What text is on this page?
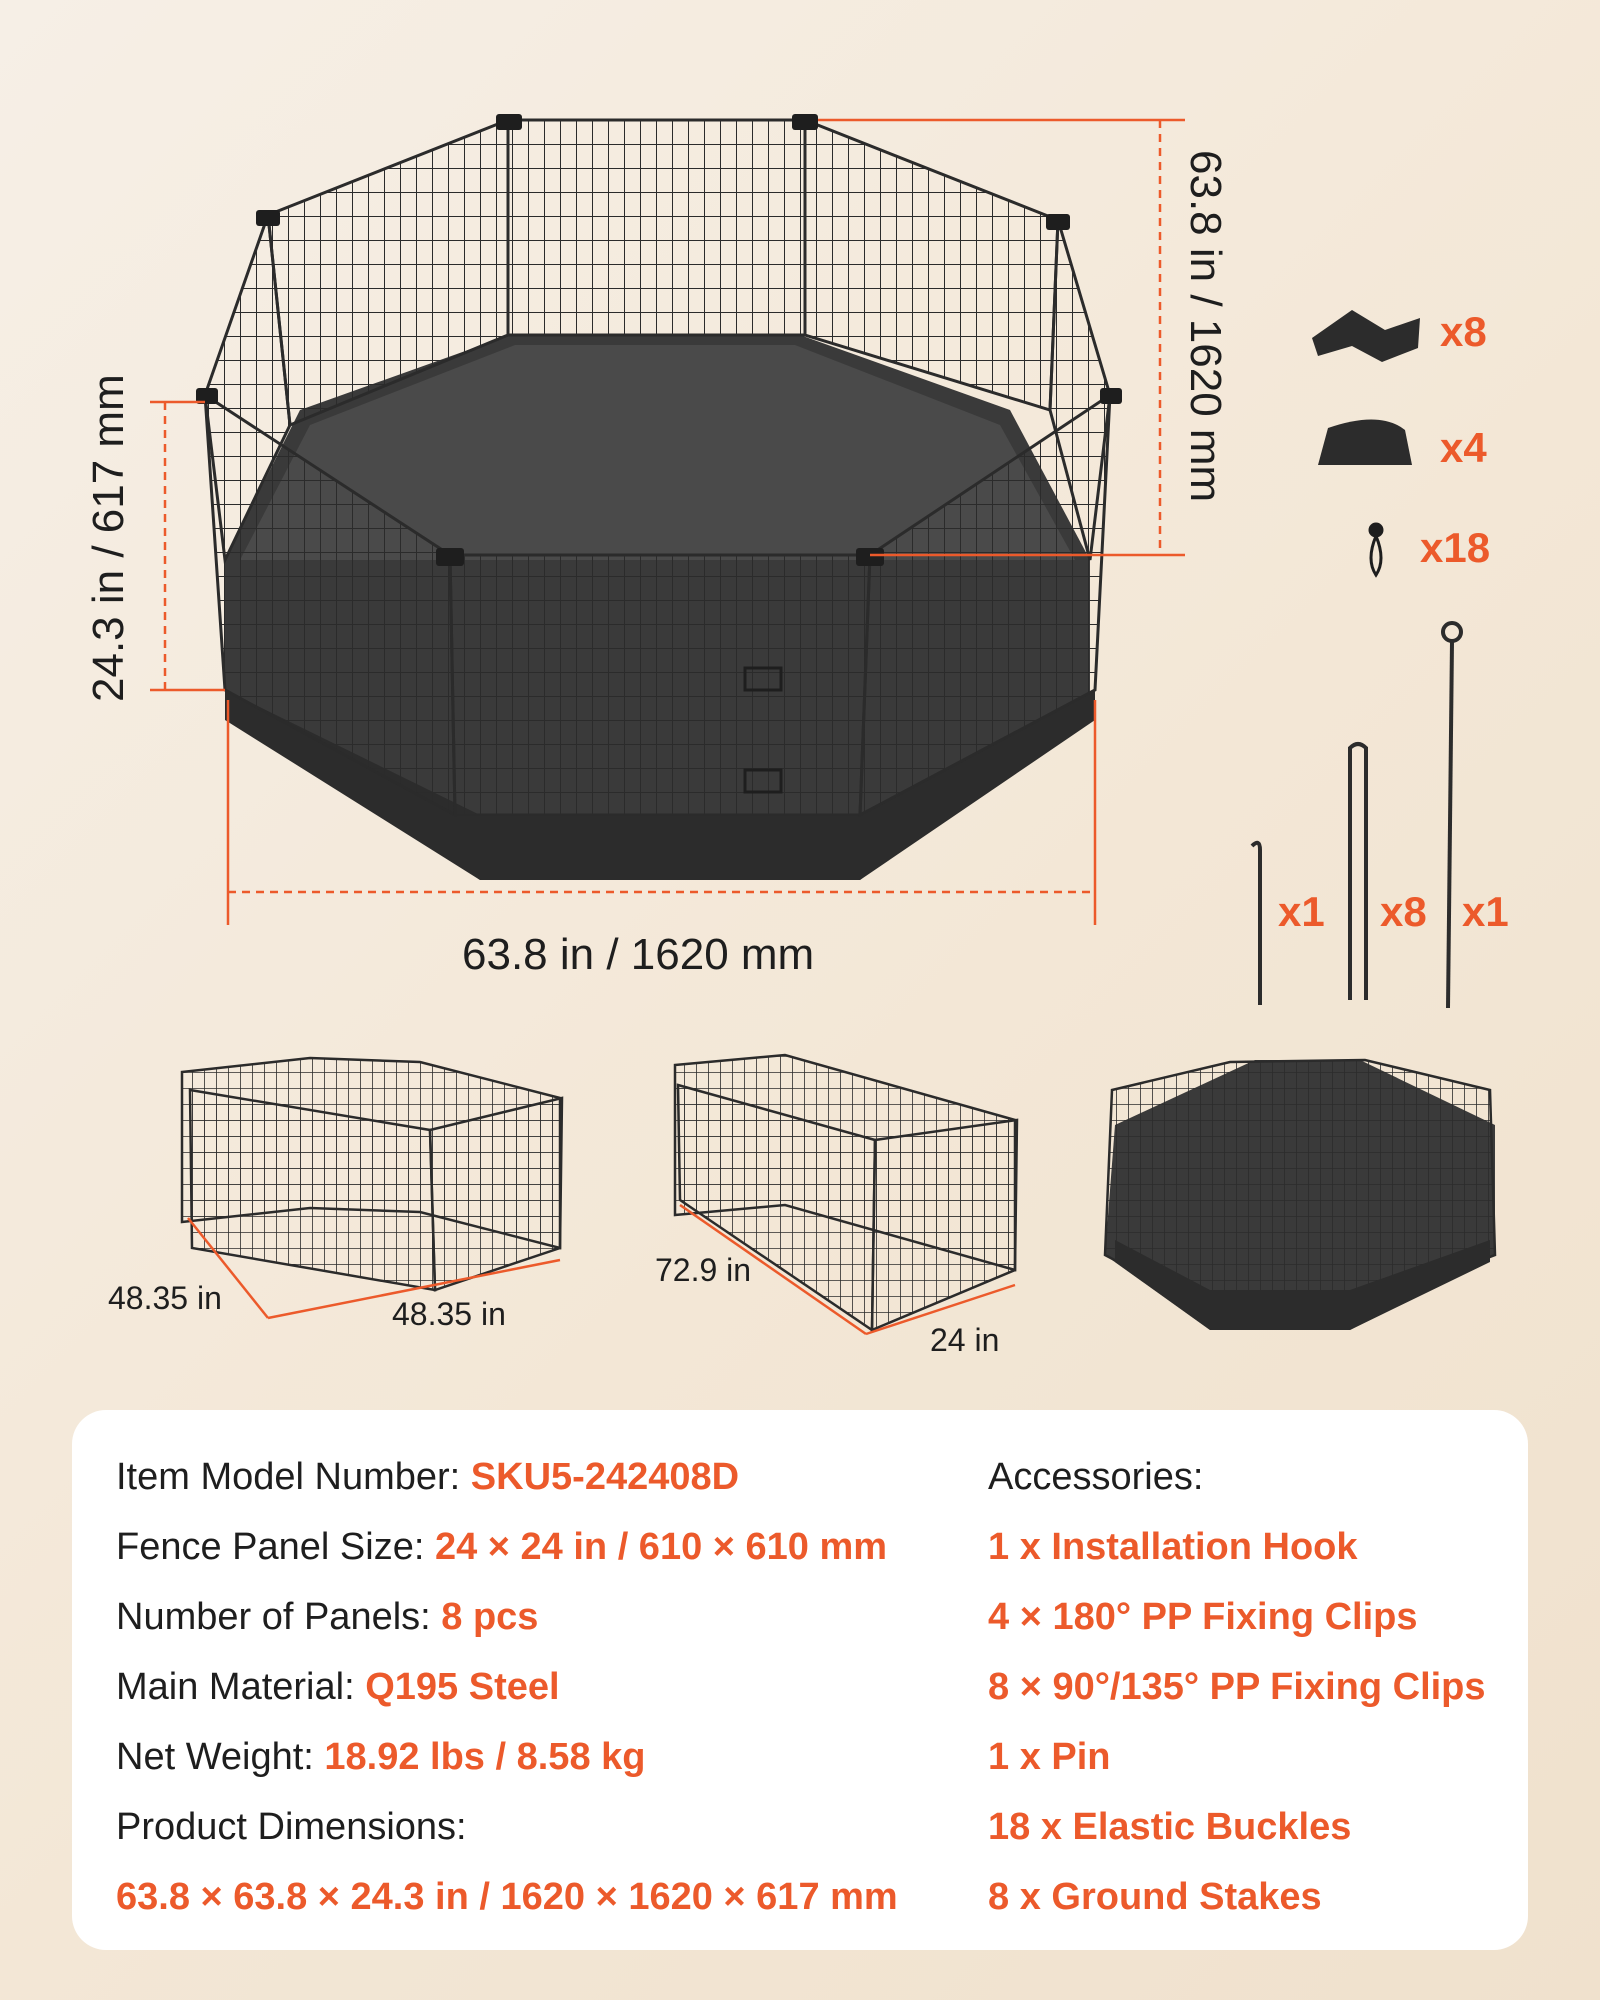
24.3 in / 617 mm
63.8 in / 1620 mm
63.8 in / 1620 mm
x8
x4
x18
x1 x8 x1
48.35 in	48.35 in
72.9 in
24 in
Item Model Number: SKU5-242408D
Fence Panel Size: 24 × 24 in / 610 × 610 mm
Number of Panels: 8 pcs
Main Material: Q195 Steel
Net Weight: 18.92 lbs / 8.58 kg
Product Dimensions:
63.8 × 63.8 × 24.3 in / 1620 × 1620 × 617 mm
Accessories:
1 x Installation Hook
4 × 180° PP Fixing Clips
8 × 90°/135° PP Fixing Clips
1 x Pin
18 x Elastic Buckles
8 x Ground Stakes
